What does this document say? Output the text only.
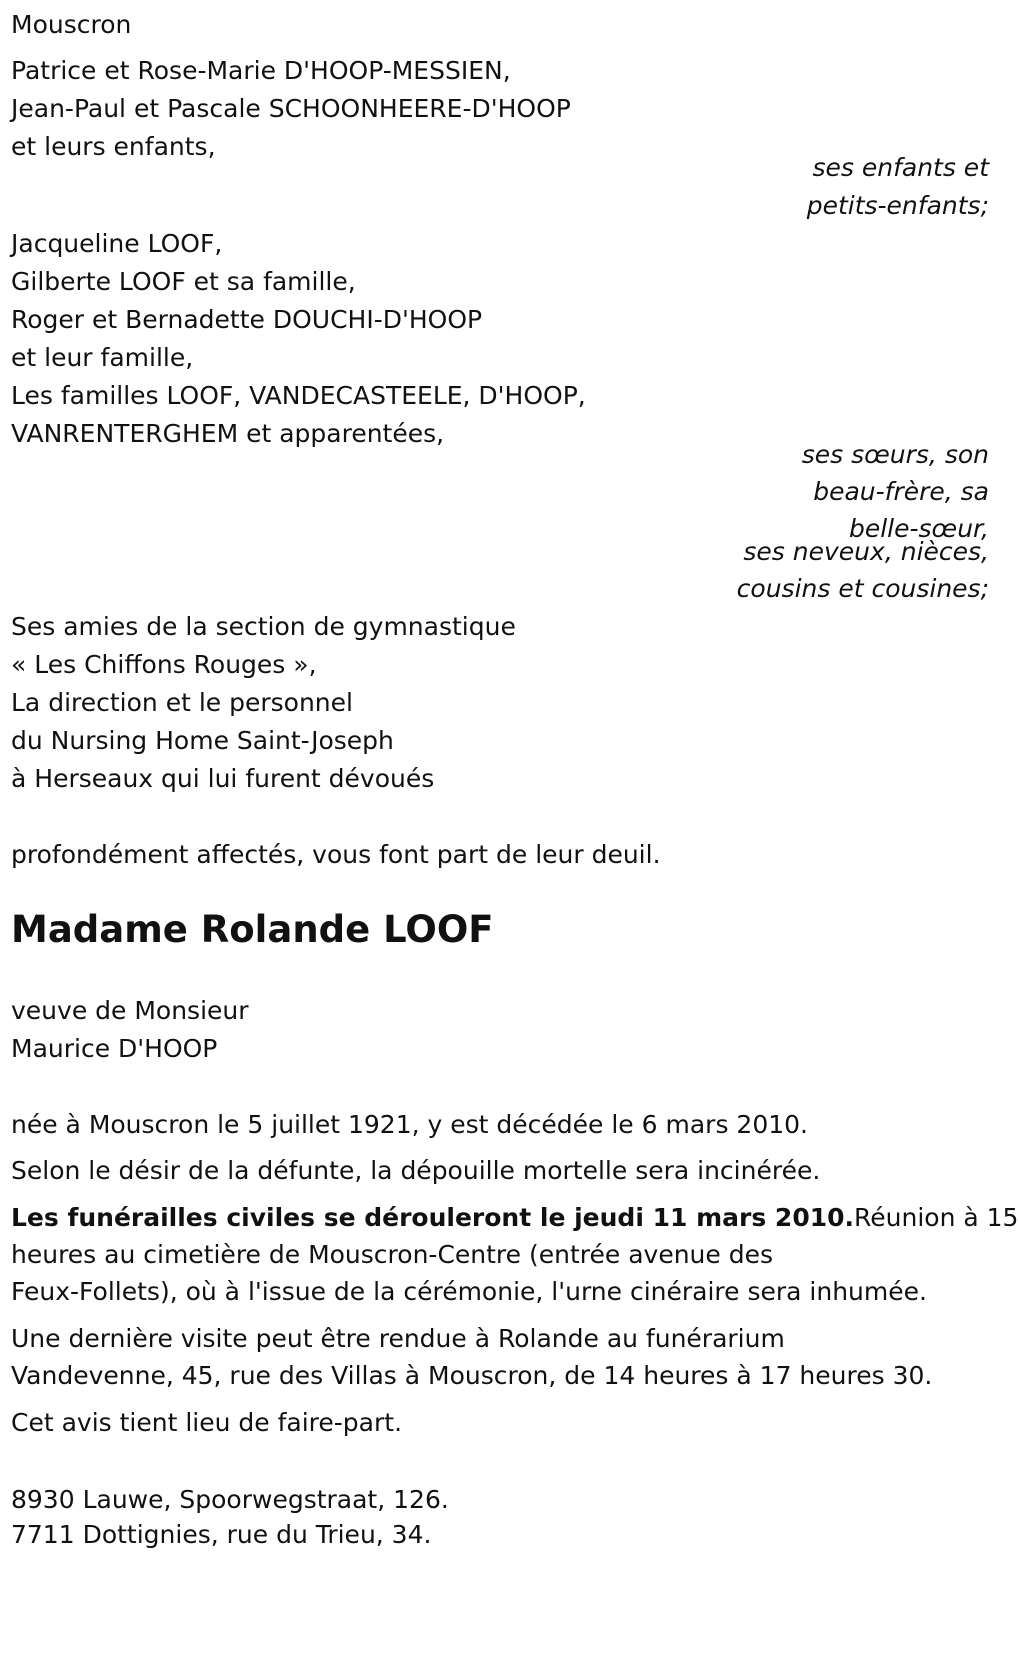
Mouscron
Patrice et Rose-Marie D'HOOP-MESSIEN,
Jean-Paul et Pascale SCHOONHEERE-D'HOOP
et leurs enfants,
ses enfants et
petits-enfants;
Jacqueline LOOF,
Gilberte LOOF et sa famille,
Roger et Bernadette DOUCHI-D'HOOP
et leur famille,
Les familles LOOF, VANDECASTEELE, D'HOOP,
VANRENTERGHEM et apparentées,
ses sœurs, son
beau-frère, sa
belle-sœur,
ses neveux, nièces,
cousins et cousines;
Ses amies de la section de gymnastique
« Les Chiffons Rouges »,
La direction et le personnel
du Nursing Home Saint-Joseph
à Herseaux qui lui furent dévoués
profondément affectés, vous font part de leur deuil.
Madame Rolande LOOF
veuve de Monsieur
Maurice D'HOOP
née à Mouscron le 5 juillet 1921, y est décédée le 6 mars 2010.
Selon le désir de la défunte, la dépouille mortelle sera incinérée.
Les funérailles civiles se dérouleront le jeudi 11 mars 2010.Réunion à 15
heures au cimetière de Mouscron-Centre (entrée avenue des
Feux-Follets), où à l'issue de la cérémonie, l'urne cinéraire sera inhumée.
Une dernière visite peut être rendue à Rolande au funérarium
Vandevenne, 45, rue des Villas à Mouscron, de 14 heures à 17 heures 30.
Cet avis tient lieu de faire-part.
8930 Lauwe, Spoorwegstraat, 126.
7711 Dottignies, rue du Trieu, 34.
